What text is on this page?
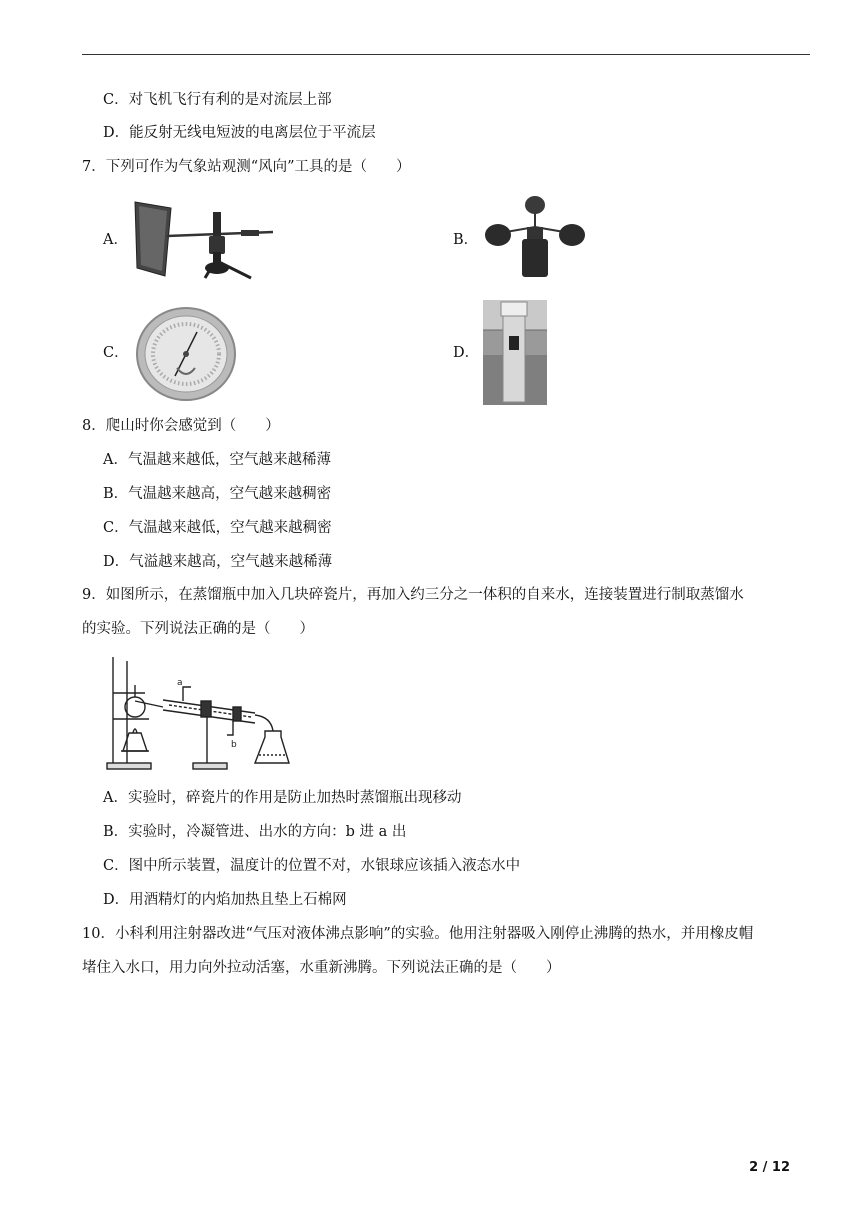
C．对飞机飞行有利的是对流层上部
D．能反射无线电短波的电离层位于平流层
7．下列可作为气象站观测“风向”工具的是（　　）
A．	B．
C．	D．
8．爬山时你会感觉到（　　）
A．气温越来越低，空气越来越稀薄
B．气温越来越高，空气越来越稠密
C．气温越来越低，空气越来越稠密
D．气溢越来越高，空气越来越稀薄
9．如图所示，在蒸馏瓶中加入几块碎瓷片，再加入约三分之一体积的自来水，连接装置进行制取蒸馏水
的实验。下列说法正确的是（　　）
a
b
A．实验时，碎瓷片的作用是防止加热时蒸馏瓶出现移动
B．实验时，冷凝管进、出水的方向：b 进 a 出
C．图中所示装置，温度计的位置不对，水银球应该插入液态水中
D．用酒精灯的内焰加热且垫上石棉网
10．小科利用注射器改进“气压对液体沸点影响”的实验。他用注射器吸入刚停止沸腾的热水，并用橡皮帽
堵住入水口，用力向外拉动活塞，水重新沸腾。下列说法正确的是（　　）
2 / 12
